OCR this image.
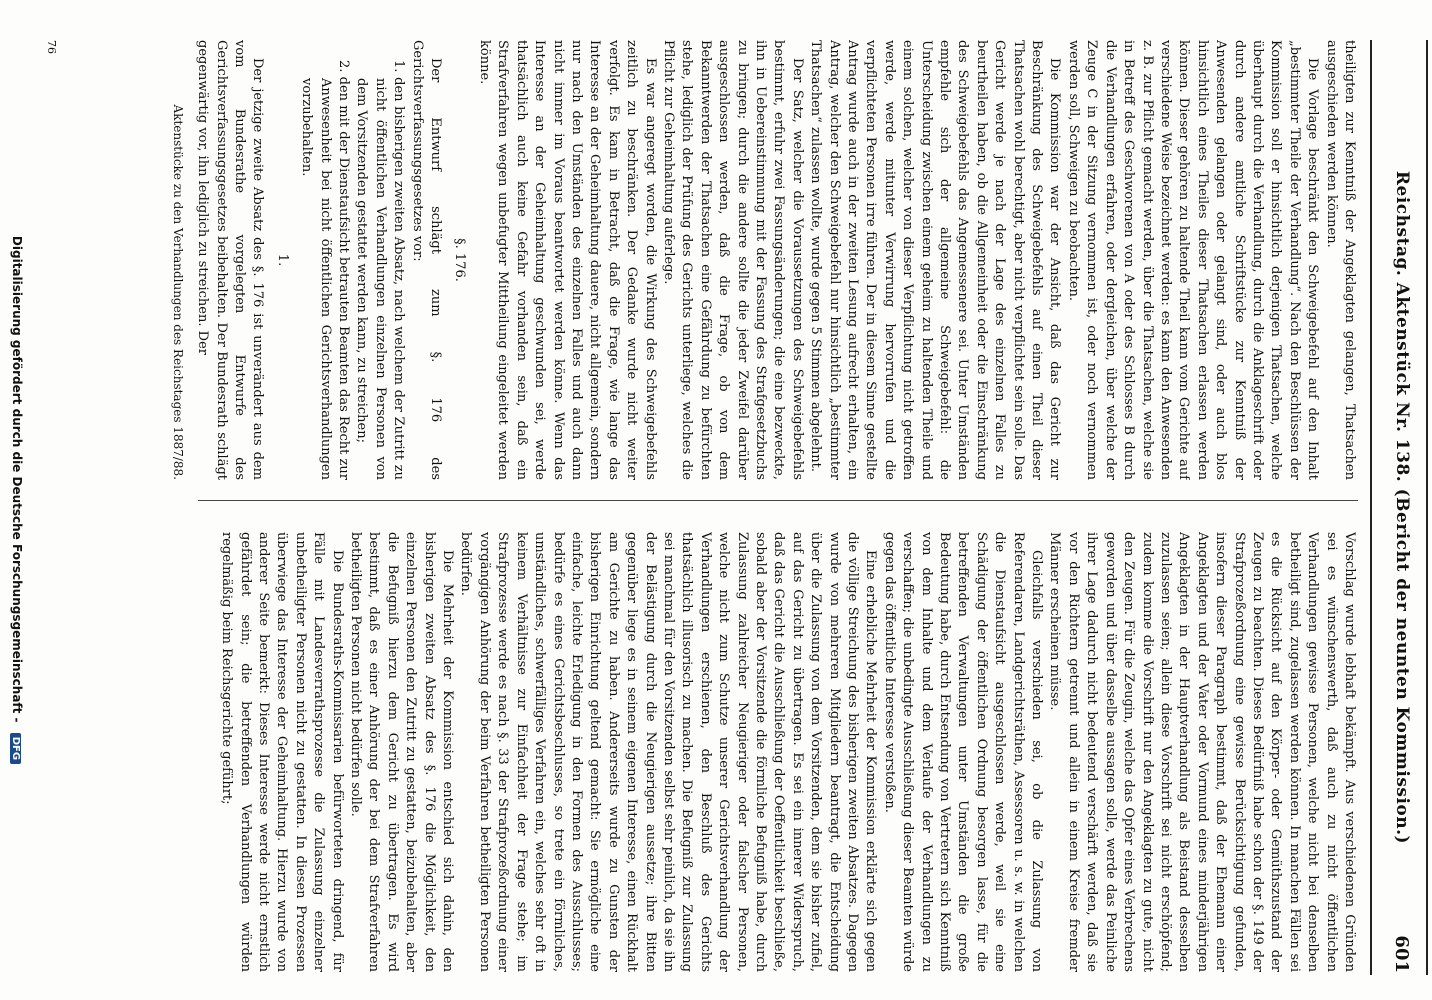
Reichstag. Aktenstück Nr. 138. (Bericht der neunten Kommission.)
601

theiligten zur Kenntniß der Angeklagten gelangen, Thatsachen ausgeschieden werden können.

Die Vorlage beschränkt den Schweigebefehl auf den Inhalt „bestimmter Theile der Verhandlung“. Nach den Beschlüssen der Kommission soll er hinsichtlich derjenigen Thatsachen, welche überhaupt durch die Verhandlung, durch die Anklageschrift oder durch andere amtliche Schriftstücke zur Kenntniß der Anwesenden gelangen oder gelangt sind, oder auch blos hinsichtlich eines Theiles dieser Thatsachen erlassen werden können. Dieser gehören zu haltende Theil kann vom Gerichte auf verschiedene Weise bezeichnet werden: es kann den Anwesenden z. B. zur Pflicht gemacht werden, über die Thatsachen, welche sie in Betreff des Geschworenen von A oder des Schlosses B durch die Verhandlungen erfahren, oder dergleichen, über welche der Zeuge C in der Sitzung vernommen ist, oder noch vernommen werden soll, Schweigen zu beobachten.

Die Kommission war der Ansicht, daß das Gericht zur Beschränkung des Schweigebefehls auf einen Theil dieser Thatsachen wohl berechtigt, aber nicht verpflichtet sein solle. Das Gericht werde je nach der Lage des einzelnen Falles zu beurtheilen haben, ob die Allgemeinheit oder die Einschränkung des Schweigebefehls das Angemessenere sei. Unter Umständen empfehle sich der allgemeine Schweigebefehl: die Unterscheidung zwischen einem geheim zu haltenden Theile und einem solchen, welcher von dieser Verpflichtung nicht getroffen werde, werde mitunter Verwirrung hervorrufen und die verpflichteten Personen irre führen. Der in diesem Sinne gestellte Antrag wurde auch in der zweiten Lesung aufrecht erhalten, ein Antrag, welcher den Schweigebefehl nur hinsichtlich „bestimmter Thatsachen“ zulassen wollte, wurde gegen 5 Stimmen abgelehnt.

Der Satz, welcher die Voraussetzungen des Schweigebefehls bestimmt, erfuhr zwei Fassungsänderungen; die eine bezweckte, ihn in Uebereinstimmung mit der Fassung des Strafgesetzbuchs zu bringen; durch die andere sollte die jeder Zweifel darüber ausgeschlossen werden, daß die Frage, ob von dem Bekanntwerden der Thatsachen eine Gefährdung zu befürchten stehe, lediglich der Prüfung des Gerichts unterliege, welches die Pflicht zur Geheimhaltung auferlege.

Es war angeregt worden, die Wirkung des Schweigebefehls zeitlich zu beschränken. Der Gedanke wurde nicht weiter verfolgt. Es kam in Betracht, daß die Frage, wie lange das Interesse an der Geheimhaltung dauere, nicht allgemein, sondern nur nach den Umständen des einzelnen Falles und auch dann nicht immer im Voraus beantwortet werden könne. Wenn das Interesse an der Geheimhaltung geschwunden sei, werde thatsächlich auch keine Gefahr vorhanden sein, daß ein Strafverfahren wegen unbefugter Mittheilung eingeleitet werden könne.

§. 176.

Der Entwurf schlägt zum §. 176 des Gerichtsverfassungsgesetzes vor:

1. den bisherigen zweiten Absatz, nach welchem der Zutritt zu nicht öffentlichen Verhandlungen einzelnen Personen von dem Vorsitzenden gestattet werden kann, zu streichen;

2. den mit der Dienstaufsicht betrauten Beamten das Recht zur Anwesenheit bei nicht öffentlichen Gerichtsverhandlungen vorzubehalten.

1.

Der jetzige zweite Absatz des §. 176 ist unverändert aus dem vom Bundesrathe vorgelegten Entwurfe des Gerichtsverfassungsgesetzes beibehalten. Der Bundesrath schlägt gegenwärtig vor, ihn lediglich zu streichen. Der

Aktenstücke zu den Verhandlungen des Reichstages 1887/88.

Vorschlag wurde lebhaft bekämpft. Aus verschiedenen Gründen sei es wünschenswerth, daß auch zu nicht öffentlichen Verhandlungen gewisse Personen, welche nicht bei denselben betheiligt sind, zugelassen werden können. In manchen Fällen sei es die Rücksicht auf den Körper- oder Gemüthszustand der Zeugen zu beachten. Dieses Bedürfniß habe schon der §. 149 der Strafprozeßordnung eine gewisse Berücksichtigung gefunden, insofern dieser Paragraph bestimmt, daß der Ehemann einer Angeklagten und der Vater oder Vormund eines minderjährigen Angeklagten in der Hauptverhandlung als Beistand desselben zuzulassen seien; allein diese Vorschrift sei nicht erschöpfend; zudem komme die Vorschrift nur den Angeklagten zu gute, nicht den Zeugen. Für die Zeugin, welche das Opfer eines Verbrechens geworden und über dasselbe aussagen solle, werde das Peinliche ihrer Lage dadurch nicht bedeutend verschärft werden, daß sie vor den Richtern getrennt und allein in einem Kreise fremder Männer erscheinen müsse.

Gleichfalls verschieden sei, ob die Zulassung von Referendaren, Landgerichtsräthen, Assessoren u. s. w. in welchen die Dienstaufsicht ausgeschlossen werde, weil sie eine Schädigung der öffentlichen Ordnung besorgen lasse, für die betreffenden Verwaltungen unter Umständen die große Bedeutung habe, durch Entsendung von Vertretern sich Kenntniß von dem Inhalte und dem Verlaufe der Verhandlungen zu verschaffen; die unbedingte Ausschließung dieser Beamten würde gegen das öffentliche Interesse verstoßen.

Eine erhebliche Mehrheit der Kommission erklärte sich gegen die völlige Streichung des bisherigen zweiten Absatzes. Dagegen wurde von mehreren Mitgliedern beantragt, die Entscheidung über die Zulassung von dem Vorsitzenden, dem sie bisher zufiel, auf das Gericht zu übertragen. Es sei ein innerer Widerspruch, daß das Gericht die Ausschließung der Oeffentlichkeit beschließe, sobald aber der Vorsitzende die förmliche Befugniß habe, durch Zulassung zahlreicher Neugieriger oder falscher Personen, welche nicht zum Schutze unserer Gerichtsverhandlung der Verhandlungen erschienen, den Beschluß des Gerichts thatsächlich illusorisch zu machen. Die Befugniß zur Zulassung sei manchmal für den Vorsitzenden selbst sehr peinlich, da sie ihn der Belästigung durch die Neugierigen aussetze; ihre Bitten gegenüber liege es in seinem eigenen Interesse, einen Rückhalt am Gerichte zu haben. Andererseits wurde zu Gunsten der bisherigen Einrichtung geltend gemacht: Sie ermögliche eine einfache, leichte Erledigung in den Formen des Ausschlusses; bedürfe es eines Gerichtsbeschlusses, so trete ein förmliches, umständliches, schwerfälliges Verfahren ein, welches sehr oft in keinem Verhältnisse zur Einfachheit der Frage stehe; im Strafprozesse werde es nach §. 33 der Strafprozeßordnung einer vorgängigen Anhörung der beim Verfahren betheiligten Personen bedürfen.

Die Mehrheit der Kommission entschied sich dahin, den bisherigen zweiten Absatz des §. 176 die Möglichkeit, den einzelnen Personen den Zutritt zu gestatten, beizubehalten, aber die Befugniß hierzu dem Gericht zu übertragen. Es wird bestimmt, daß es einer Anhörung der bei dem Strafverfahren betheiligten Personen nicht bedürfen solle.

Die Bundesraths-Kommissarien befürworteten dringend, für Fälle mit Landesverrathsprozesse die Zulassung einzelner unbetheiligter Personen nicht zu gestatten. In diesen Prozessen überwiege das Interesse der Geheimhaltung. Hierzu wurde von anderer Seite bemerkt: Dieses Interesse werde nicht ernstlich gefährdet sein; die betreffenden Verhandlungen würden regelmäßig beim Reichsgerichte geführt;

76
Digitalisierung gefördert durch die Deutsche Forschungsgemeinschaft - DFG
